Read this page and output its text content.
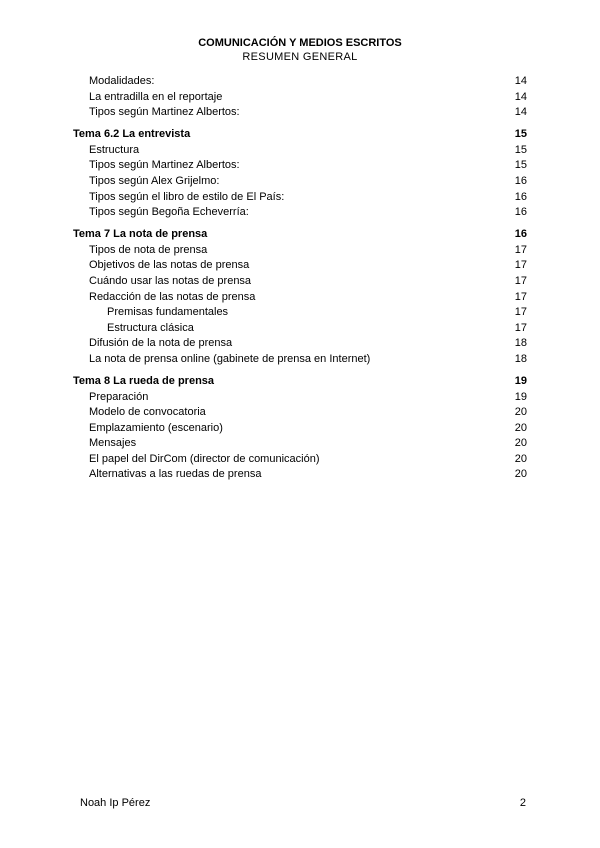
COMUNICACIÓN Y MEDIOS ESCRITOS
RESUMEN GENERAL
Modalidades:	14
La entradilla en el reportaje	14
Tipos según Martinez Albertos:	14
Tema 6.2 La entrevista	15
Estructura	15
Tipos según Martinez Albertos:	15
Tipos según Alex Grijelmo:	16
Tipos según el libro de estilo de El País:	16
Tipos según Begoña Echeverría:	16
Tema 7 La nota de prensa	16
Tipos de nota de prensa	17
Objetivos de las notas de prensa	17
Cuándo usar las notas de prensa	17
Redacción de las notas de prensa	17
Premisas fundamentales	17
Estructura clásica	17
Difusión de la nota de prensa	18
La nota de prensa online (gabinete de prensa en Internet)	18
Tema 8 La rueda de prensa	19
Preparación	19
Modelo de convocatoria	20
Emplazamiento (escenario)	20
Mensajes	20
El papel del DirCom (director de comunicación)	20
Alternativas a las ruedas de prensa	20
Noah Ip Pérez	2
